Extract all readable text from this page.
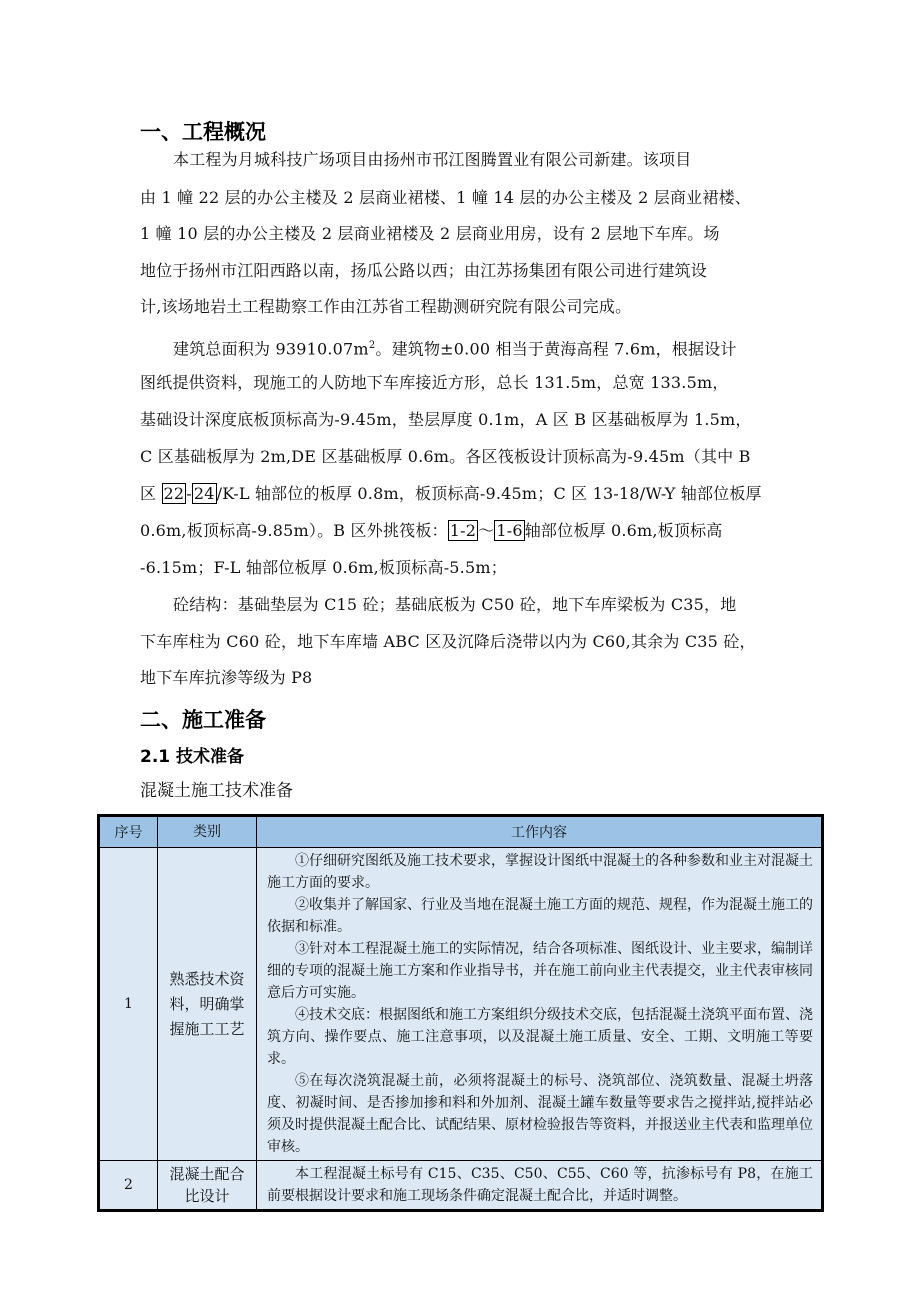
一、工程概况
本工程为月城科技广场项目由扬州市邗江图腾置业有限公司新建。该项目
由 1 幢 22 层的办公主楼及 2 层商业裙楼、1 幢 14 层的办公主楼及 2 层商业裙楼、
1 幢 10 层的办公主楼及 2 层商业裙楼及 2 层商业用房，设有 2 层地下车库。场
地位于扬州市江阳西路以南，扬瓜公路以西；由江苏扬集团有限公司进行建筑设
计,该场地岩土工程勘察工作由江苏省工程勘测研究院有限公司完成。
建筑总面积为 $93910.07m^2$。建筑物±0.00 相当于黄海高程 7.6m，根据设计
图纸提供资料，现施工的人防地下车库接近方形，总长 131.5m，总宽 133.5m，
基础设计深度底板顶标高为-9.45m，垫层厚度 0.1m，A 区 B 区基础板厚为 1.5m，
C 区基础板厚为 2m,DE 区基础板厚 0.6m。各区筏板设计顶标高为-9.45m（其中 B
区 22 - 24 /K-L 轴部位的板厚 0.8m，板顶标高-9.45m；C 区 13-18/W-Y 轴部位板厚
0.6m,板顶标高-9.85m）。B 区外挑筏板： 1-2 ～ 1-6 轴部位板厚 0.6m,板顶标高
-6.15m；F-L 轴部位板厚 0.6m,板顶标高-5.5m；
砼结构：基础垫层为 C15 砼；基础底板为 C50 砼，地下车库梁板为 C35，地
下车库柱为 C60 砼，地下车库墙 ABC 区及沉降后浇带以内为 C60,其余为 C35 砼，
地下车库抗渗等级为 P8
二、施工准备
2.1 技术准备
混凝土施工技术准备
序号	类别	工作内容
1	熟悉技术资料，明确掌握施工工艺	①仔细研究图纸及施工技术要求，掌握设计图纸中混凝土的各种参数和业主对混凝土施工方面的要求。
②收集并了解国家、行业及当地在混凝土施工方面的规范、规程，作为混凝土施工的依据和标准。
③针对本工程混凝土施工的实际情况，结合各项标准、图纸设计、业主要求，编制详细的专项的混凝土施工方案和作业指导书，并在施工前向业主代表提交，业主代表审核同意后方可实施。
④技术交底：根据图纸和施工方案组织分级技术交底，包括混凝土浇筑平面布置、浇筑方向、操作要点、施工注意事项，以及混凝土施工质量、安全、工期、文明施工等要求。
⑤在每次浇筑混凝土前，必须将混凝土的标号、浇筑部位、浇筑数量、混凝土坍落度、初凝时间、是否掺加掺和料和外加剂、混凝土罐车数量等要求告之搅拌站,搅拌站必须及时提供混凝土配合比、试配结果、原材检验报告等资料，并报送业主代表和监理单位审核。

2	混凝土配合比设计	本工程混凝土标号有 C15、C35、C50、C55、C60 等，抗渗标号有 P8，在施工前要根据设计要求和施工现场条件确定混凝土配合比，并适时调整。
